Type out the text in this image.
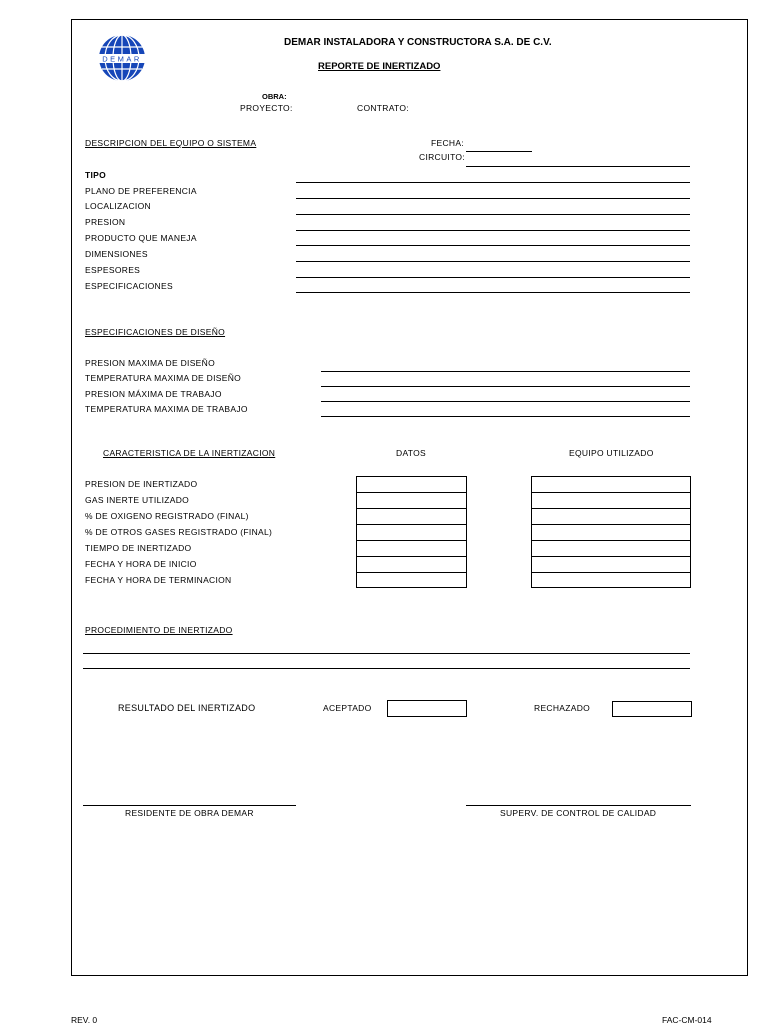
DEMAR
DEMAR INSTALADORA Y CONSTRUCTORA S.A. DE C.V.
REPORTE DE INERTIZADO
OBRA:
PROYECTO:	CONTRATO:
DESCRIPCION DEL EQUIPO O SISTEMA	FECHA:
CIRCUITO:
TIPO
PLANO DE PREFERENCIA
LOCALIZACION
PRESION
PRODUCTO QUE MANEJA
DIMENSIONES
ESPESORES
ESPECIFICACIONES
ESPECIFICACIONES DE DISEÑO
PRESION MAXIMA DE DISEÑO
TEMPERATURA MAXIMA DE DISEÑO
PRESION MÁXIMA DE TRABAJO
TEMPERATURA MAXIMA DE TRABAJO
CARACTERISTICA DE LA INERTIZACION	DATOS	EQUIPO UTILIZADO
PRESION DE INERTIZADO
GAS INERTE UTILIZADO
% DE OXIGENO REGISTRADO (FINAL)
% DE OTROS GASES REGISTRADO (FINAL)
TIEMPO DE INERTIZADO
FECHA Y HORA DE INICIO
FECHA Y HORA DE TERMINACION
PROCEDIMIENTO DE INERTIZADO
RESULTADO DEL INERTIZADO	ACEPTADO	RECHAZADO
RESIDENTE DE OBRA DEMAR	SUPERV. DE CONTROL DE CALIDAD
REV. 0	FAC-CM-014
